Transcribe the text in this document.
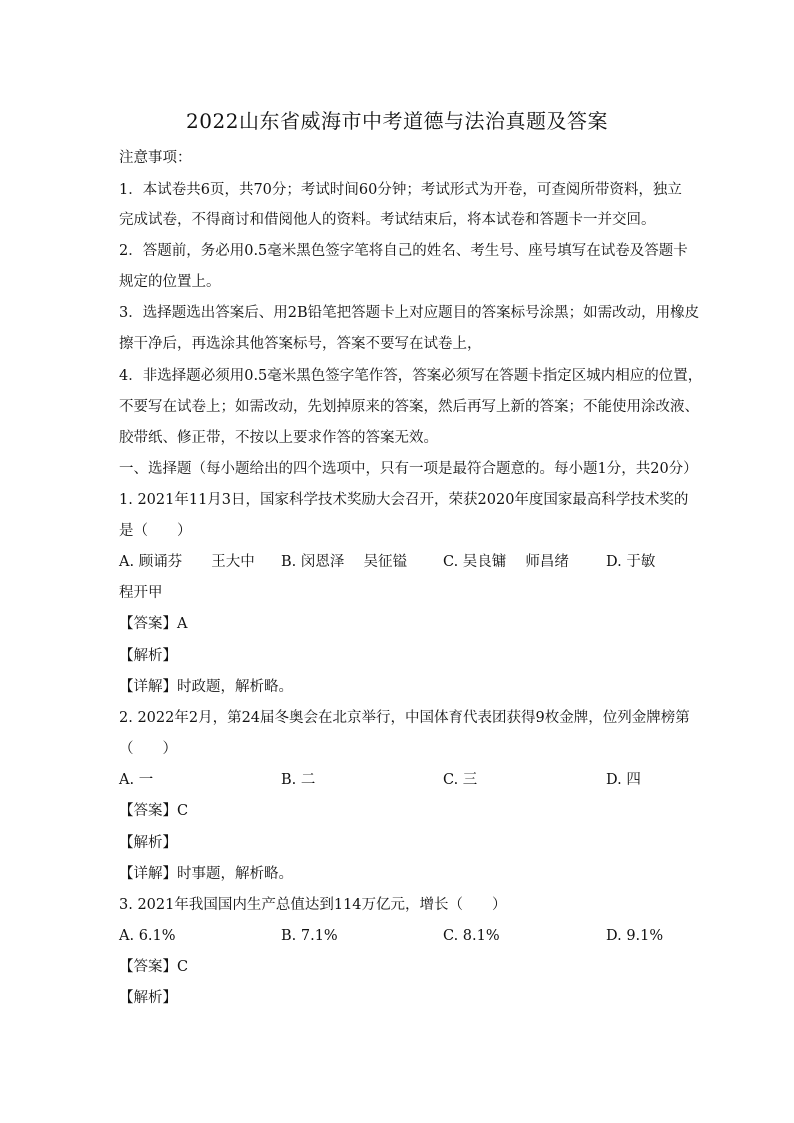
2022山东省威海市中考道德与法治真题及答案
注意事项：
1．本试卷共6页，共70分；考试时间60分钟；考试形式为开卷，可查阅所带资料，独立
完成试卷，不得商讨和借阅他人的资料。考试结束后，将本试卷和答题卡一并交回。
2．答题前，务必用0.5毫米黑色签字笔将自己的姓名、考生号、座号填写在试卷及答题卡
规定的位置上。
3．选择题选出答案后、用2B铅笔把答题卡上对应题目的答案标号涂黑；如需改动，用橡皮
擦干净后，再选涂其他答案标号，答案不要写在试卷上，
4．非选择题必须用0.5毫米黑色签字笔作答，答案必须写在答题卡指定区城内相应的位置，
不要写在试卷上；如需改动，先划掉原来的答案，然后再写上新的答案；不能使用涂改液、
胶带纸、修正带，不按以上要求作答的答案无效。
一、选择题（每小题给出的四个选项中，只有一项是最符合题意的。每小题1分，共20分）
1. 2021年11月3日，国家科学技术奖励大会召开，荣获2020年度国家最高科学技术奖的
是（　　）
A. 顾诵芬　　王大中 B. 闵恩泽　 吴征镒 C. 吴良镛　 师昌绪	D. 于敏
程开甲
【答案】A
【解析】
【详解】时政题，解析略。
2. 2022年2月，第24届冬奥会在北京举行，中国体育代表团获得9枚金牌，位列金牌榜第
（　　）
A. 一	B. 二	C. 三	D. 四
【答案】C
【解析】
【详解】时事题，解析略。
3. 2021年我国国内生产总值达到114万亿元，增长（　　）
A. 6.1%	B. 7.1%	C. 8.1%	D. 9.1%
【答案】C
【解析】
